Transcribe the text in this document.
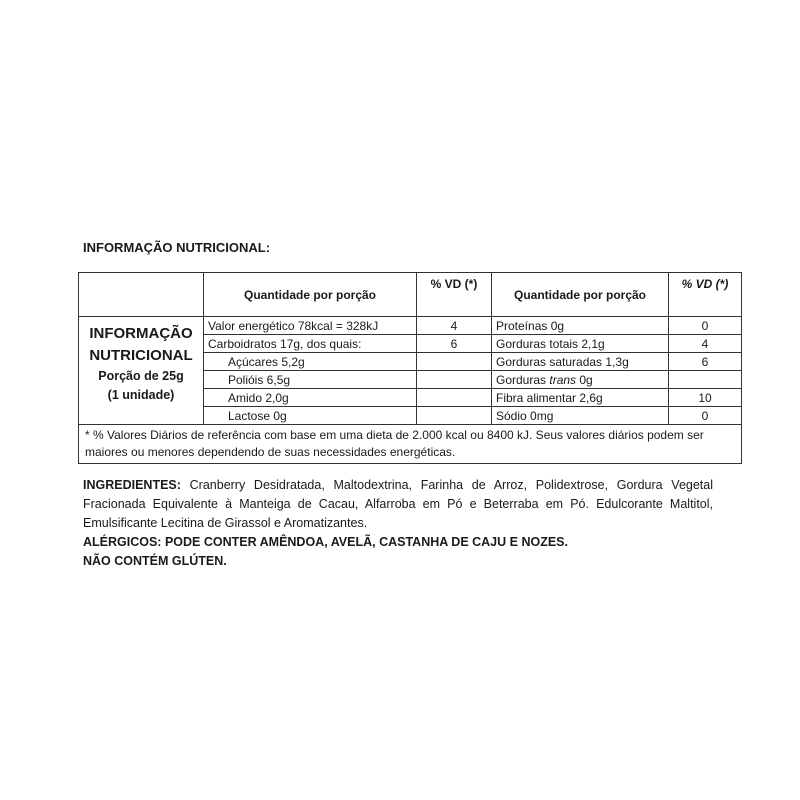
INFORMAÇÃO NUTRICIONAL:
	Quantidade por porção	% VD (*)	Quantidade por porção	% VD (*)

INFORMAÇÃO
NUTRICIONAL
Porção de 25g
(1 unidade)	Valor energético 78kcal = 328kJ	4	Proteínas 0g	0
	Carboidratos 17g, dos quais:	6	Gorduras totais 2,1g	4
	Açúcares 5,2g		Gorduras saturadas 1,3g	6
	Polióis 6,5g		Gorduras trans 0g	
	Amido 2,0g		Fibra alimentar 2,6g	10
	Lactose 0g		Sódio 0mg	0
* % Valores Diários de referência com base em uma dieta de 2.000 kcal ou 8400 kJ. Seus valores diários podem ser maiores ou menores dependendo de suas necessidades energéticas.				
INGREDIENTES: Cranberry Desidratada, Maltodextrina, Farinha de Arroz, Polidextrose, Gordura Vegetal Fracionada Equivalente à Manteiga de Cacau, Alfarroba em Pó e Beterraba em Pó. Edulcorante Maltitol, Emulsificante Lecitina de Girassol e Aromatizantes.
ALÉRGICOS: PODE CONTER AMÊNDOA, AVELÃ, CASTANHA DE CAJU E NOZES.
NÃO CONTÉM GLÚTEN.
